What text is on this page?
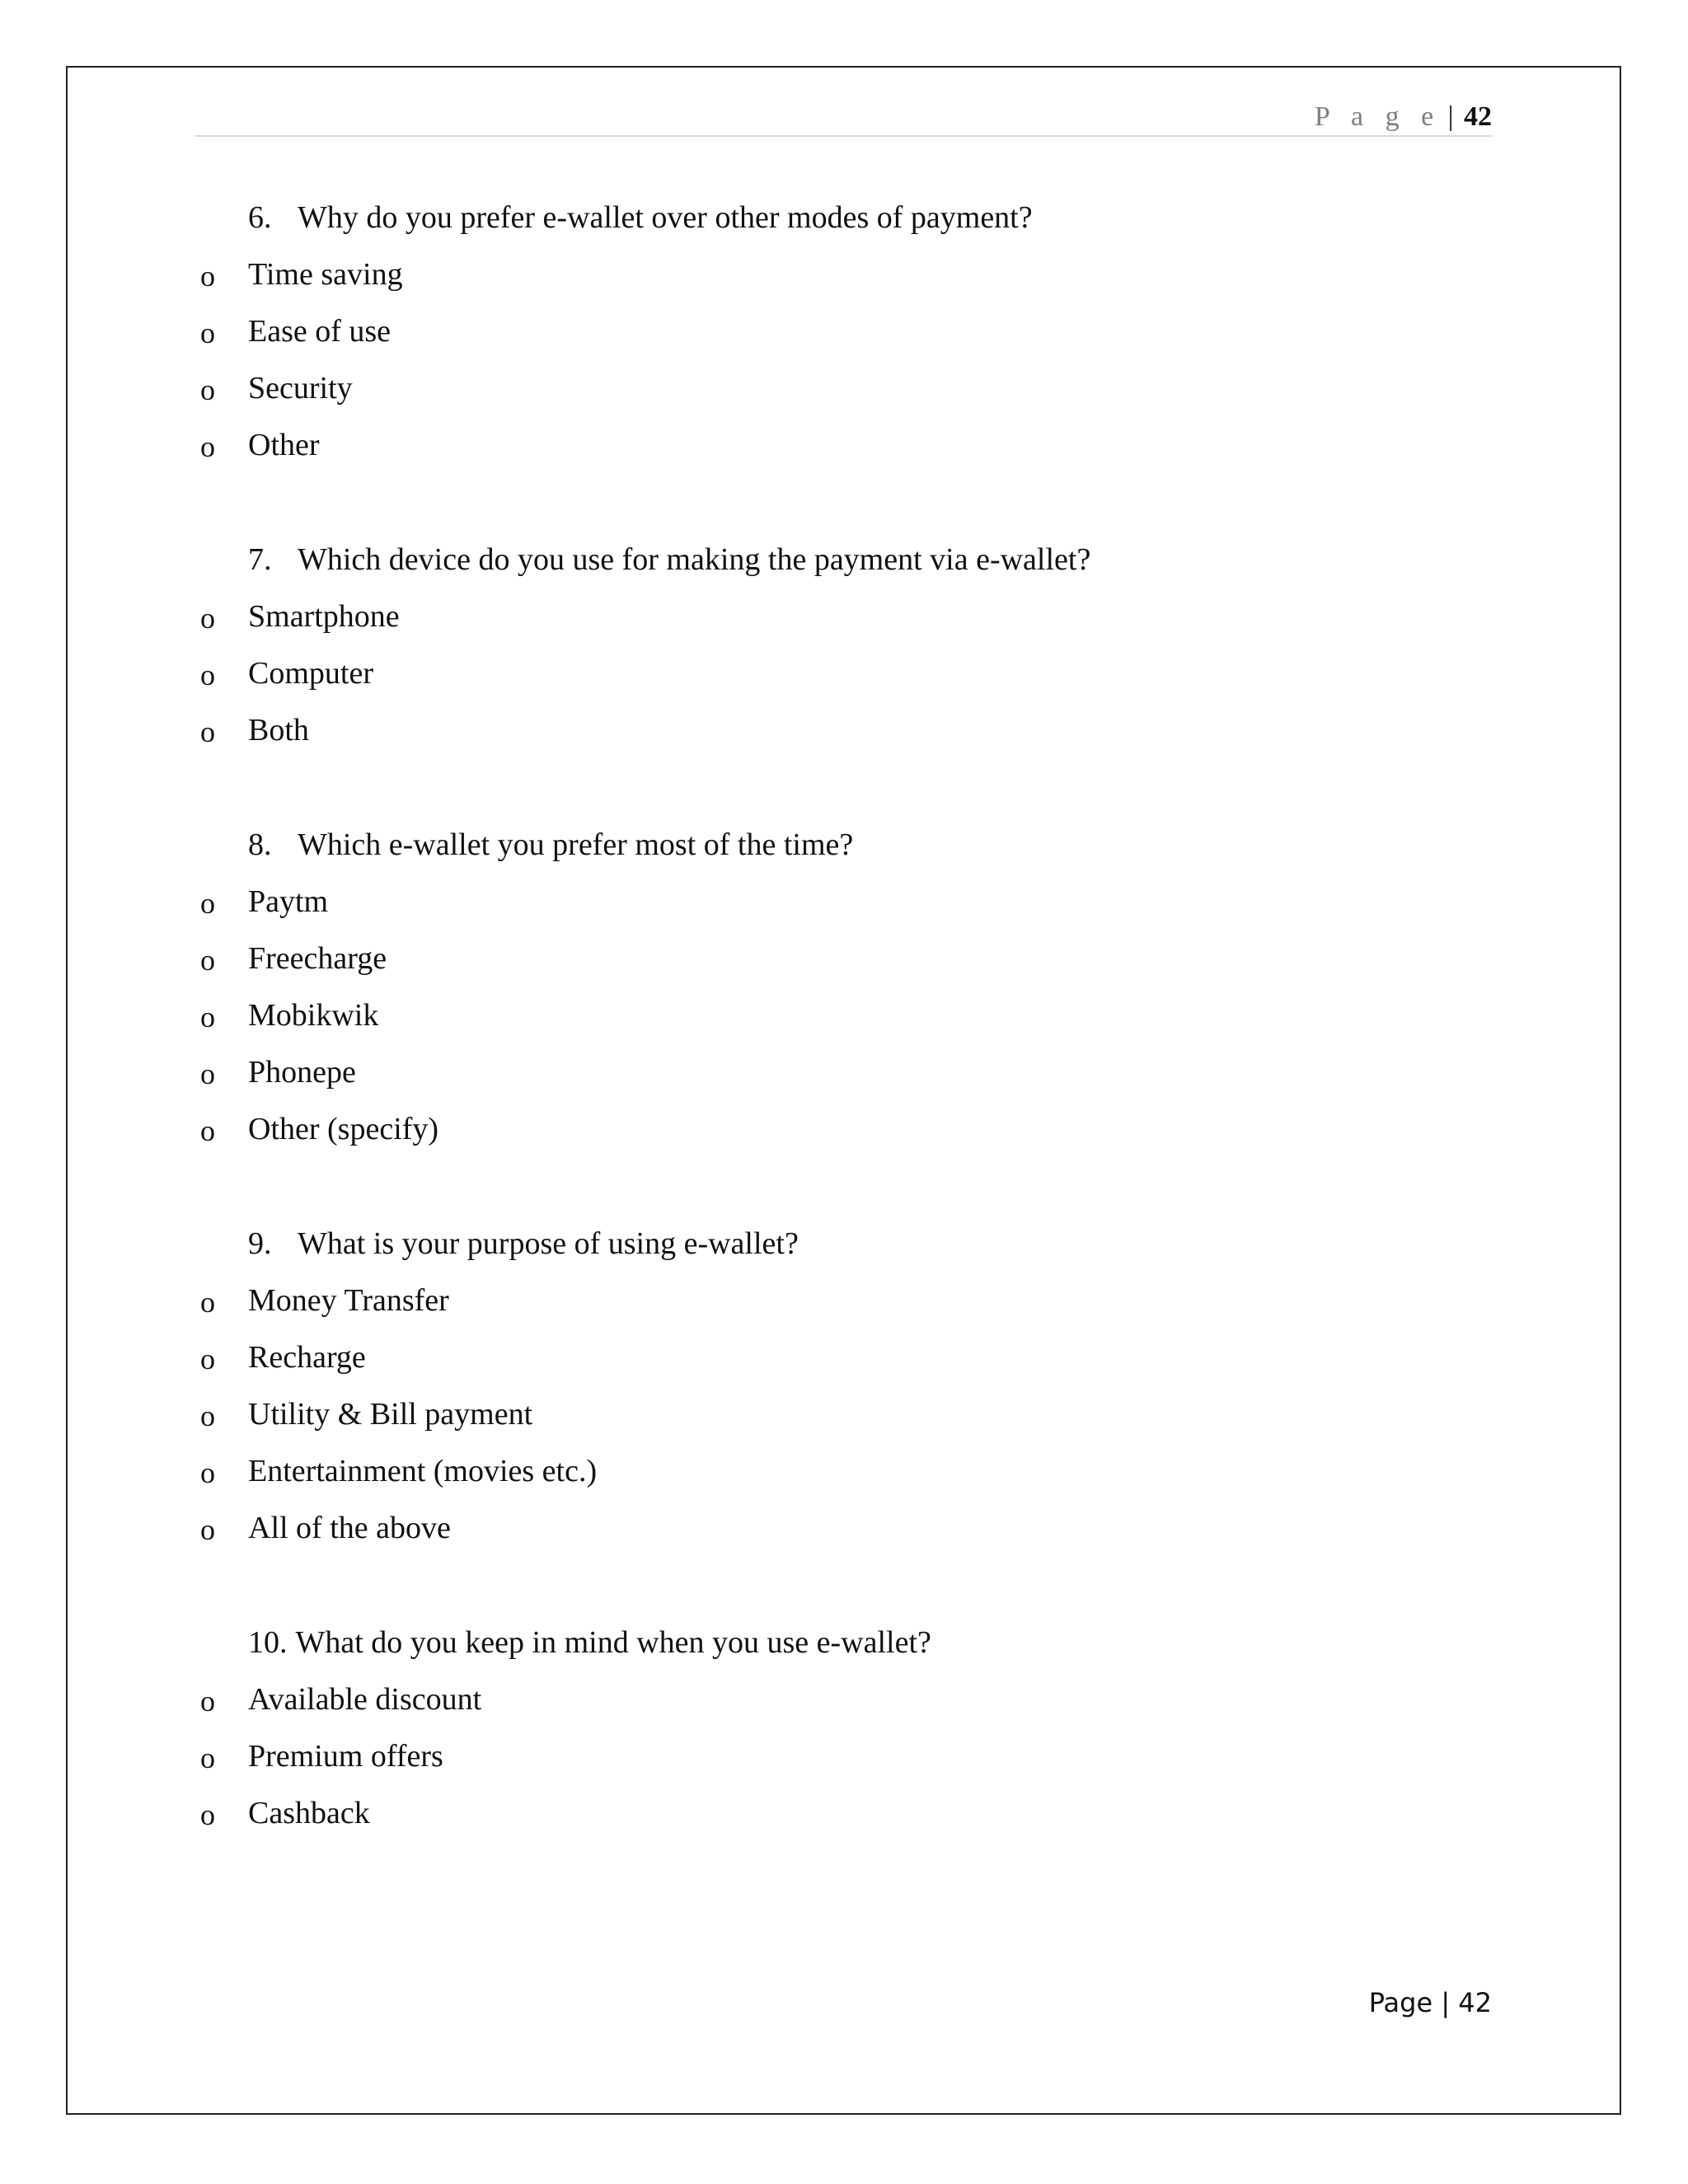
P a g e | 42
6. Why do you prefer e-wallet over other modes of payment?
o Time saving
o Ease of use
o Security
o Other
7. Which device do you use for making the payment via e-wallet?
o Smartphone
o Computer
o Both
8. Which e-wallet you prefer most of the time?
o Paytm
o Freecharge
o Mobikwik
o Phonepe
o Other (specify)
9. What is your purpose of using e-wallet?
o Money Transfer
o Recharge
o Utility & Bill payment
o Entertainment (movies etc.)
o All of the above
10. What do you keep in mind when you use e-wallet?
o Available discount
o Premium offers
o Cashback
Page | 42
